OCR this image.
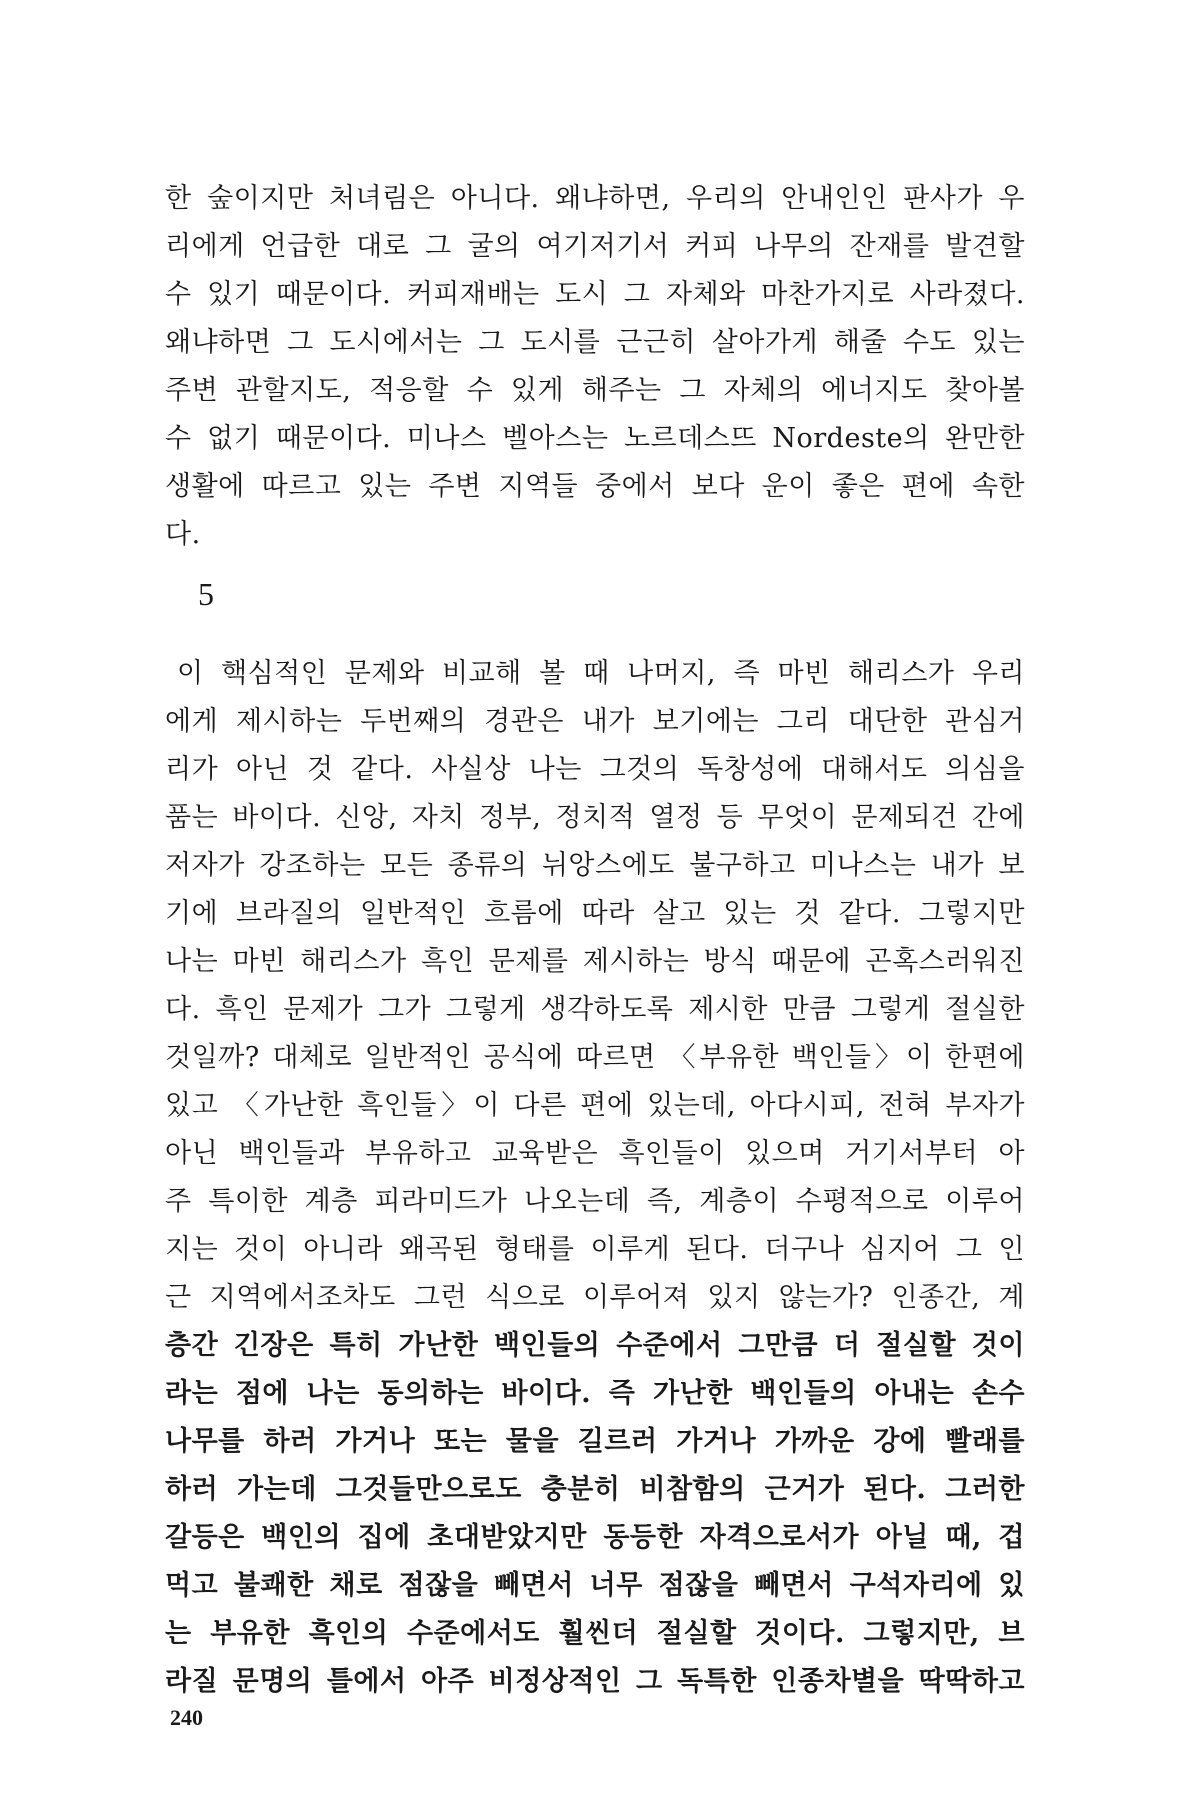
한 숲이지만 처녀림은 아니다. 왜냐하면, 우리의 안내인인 판사가 우
리에게 언급한 대로 그 굴의 여기저기서 커피 나무의 잔재를 발견할
수 있기 때문이다. 커피재배는 도시 그 자체와 마찬가지로 사라졌다.
왜냐하면 그 도시에서는 그 도시를 근근히 살아가게 해줄 수도 있는
주변 관할지도, 적응할 수 있게 해주는 그 자체의 에너지도 찾아볼
수 없기 때문이다. 미나스 벨아스는 노르데스뜨 Nordeste의 완만한
생활에 따르고 있는 주변 지역들 중에서 보다 운이 좋은 편에 속한
다.
5
이 핵심적인 문제와 비교해 볼 때 나머지, 즉 마빈 해리스가 우리
에게 제시하는 두번째의 경관은 내가 보기에는 그리 대단한 관심거
리가 아닌 것 같다. 사실상 나는 그것의 독창성에 대해서도 의심을
품는 바이다. 신앙, 자치 정부, 정치적 열정 등 무엇이 문제되건 간에
저자가 강조하는 모든 종류의 뉘앙스에도 불구하고 미나스는 내가 보
기에 브라질의 일반적인 흐름에 따라 살고 있는 것 같다. 그렇지만
나는 마빈 해리스가 흑인 문제를 제시하는 방식 때문에 곤혹스러워진
다. 흑인 문제가 그가 그렇게 생각하도록 제시한 만큼 그렇게 절실한
것일까? 대체로 일반적인 공식에 따르면 〈부유한 백인들〉이 한편에
있고 〈가난한 흑인들〉이 다른 편에 있는데, 아다시피, 전혀 부자가
아닌 백인들과 부유하고 교육받은 흑인들이 있으며 거기서부터 아
주 특이한 계층 피라미드가 나오는데 즉, 계층이 수평적으로 이루어
지는 것이 아니라 왜곡된 형태를 이루게 된다. 더구나 심지어 그 인
근 지역에서조차도 그런 식으로 이루어져 있지 않는가? 인종간, 계
층간 긴장은 특히 가난한 백인들의 수준에서 그만큼 더 절실할 것이
라는 점에 나는 동의하는 바이다. 즉 가난한 백인들의 아내는 손수
나무를 하러 가거나 또는 물을 길르러 가거나 가까운 강에 빨래를
하러 가는데 그것들만으로도 충분히 비참함의 근거가 된다. 그러한
갈등은 백인의 집에 초대받았지만 동등한 자격으로서가 아닐 때, 겁
먹고 불쾌한 채로 점잖을 빼면서 너무 점잖을 빼면서 구석자리에 있
는 부유한 흑인의 수준에서도 훨씬더 절실할 것이다. 그렇지만, 브
라질 문명의 틀에서 아주 비정상적인 그 독특한 인종차별을 딱딱하고
240
